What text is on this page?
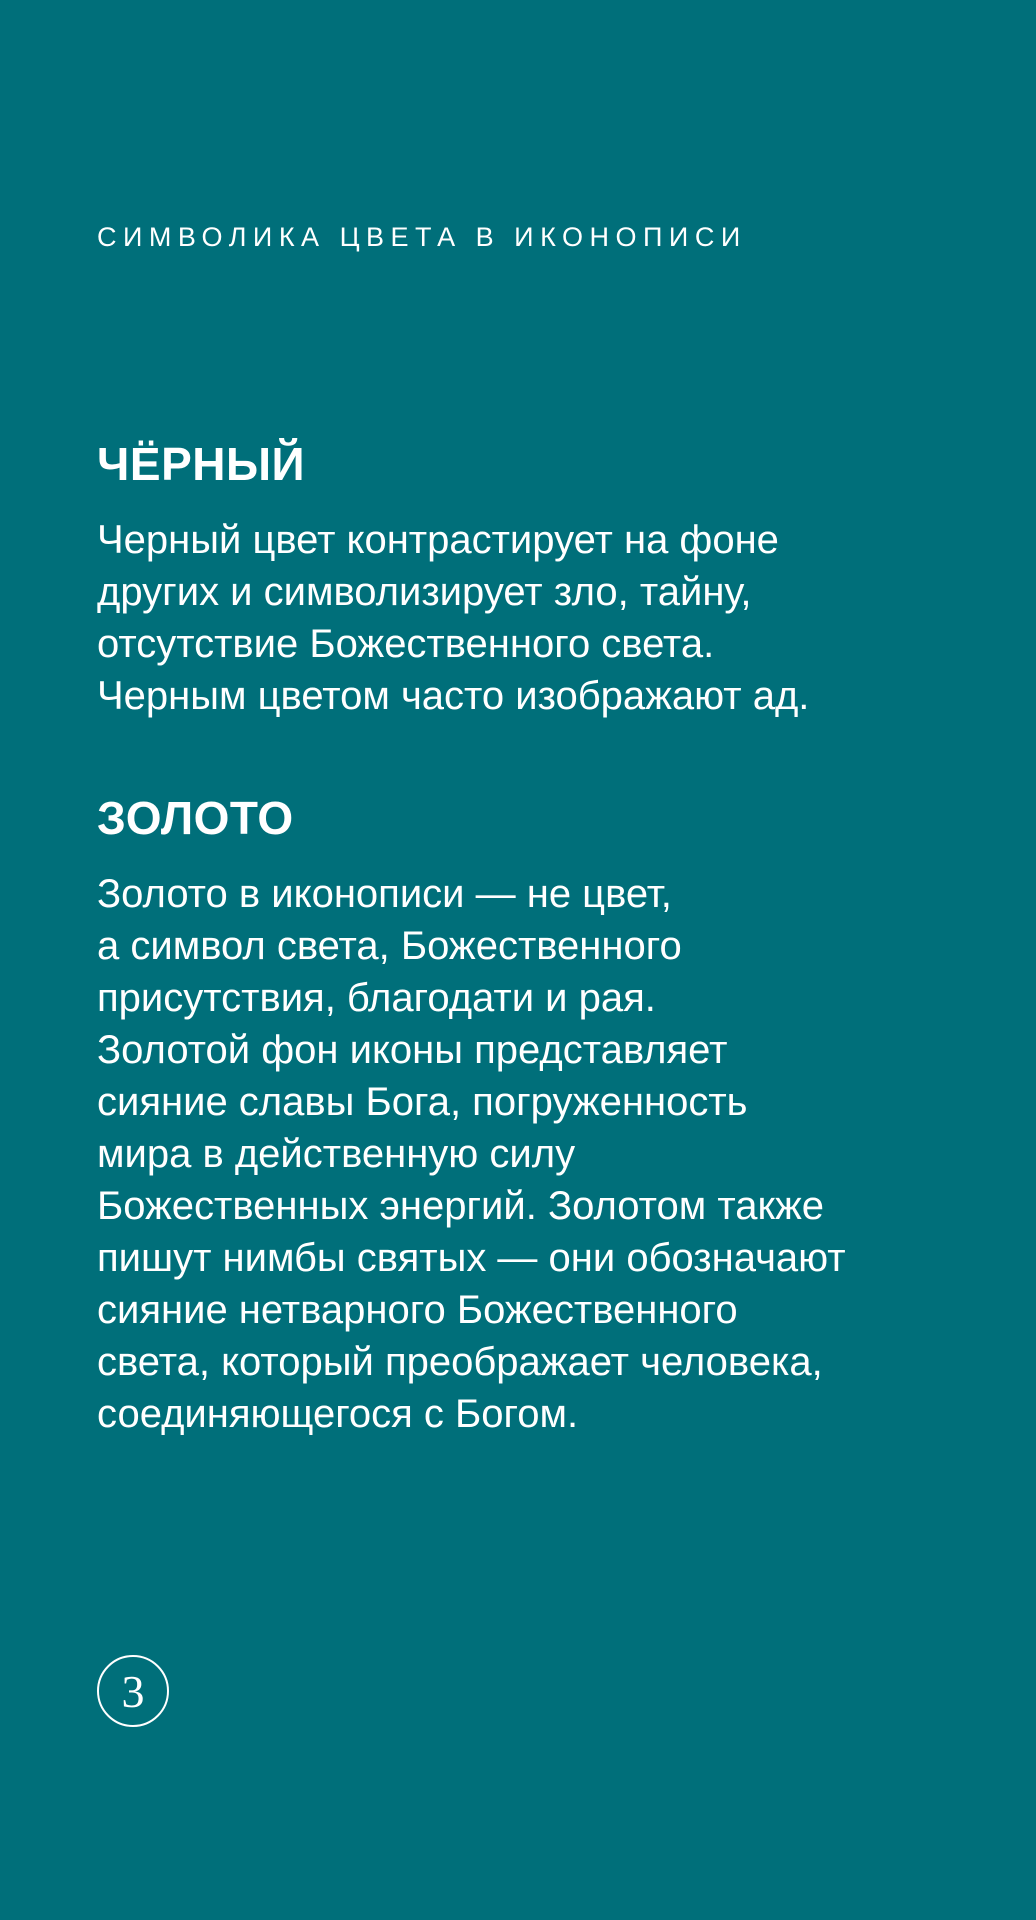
СИМВОЛИКА ЦВЕТА В ИКОНОПИСИ
ЧЁРНЫЙ

Черный цвет контрастирует на фоне
других и символизирует зло, тайну,
отсутствие Божественного света.
Черным цветом часто изображают ад.

ЗОЛОТО

Золото в иконописи — не цвет,
а символ света, Божественного
присутствия, благодати и рая.
Золотой фон иконы представляет
сияние славы Бога, погруженность
мира в действенную силу
Божественных энергий. Золотом также
пишут нимбы святых — они обозначают
сияние нетварного Божественного
света, который преображает человека,
соединяющегося с Богом.

3
